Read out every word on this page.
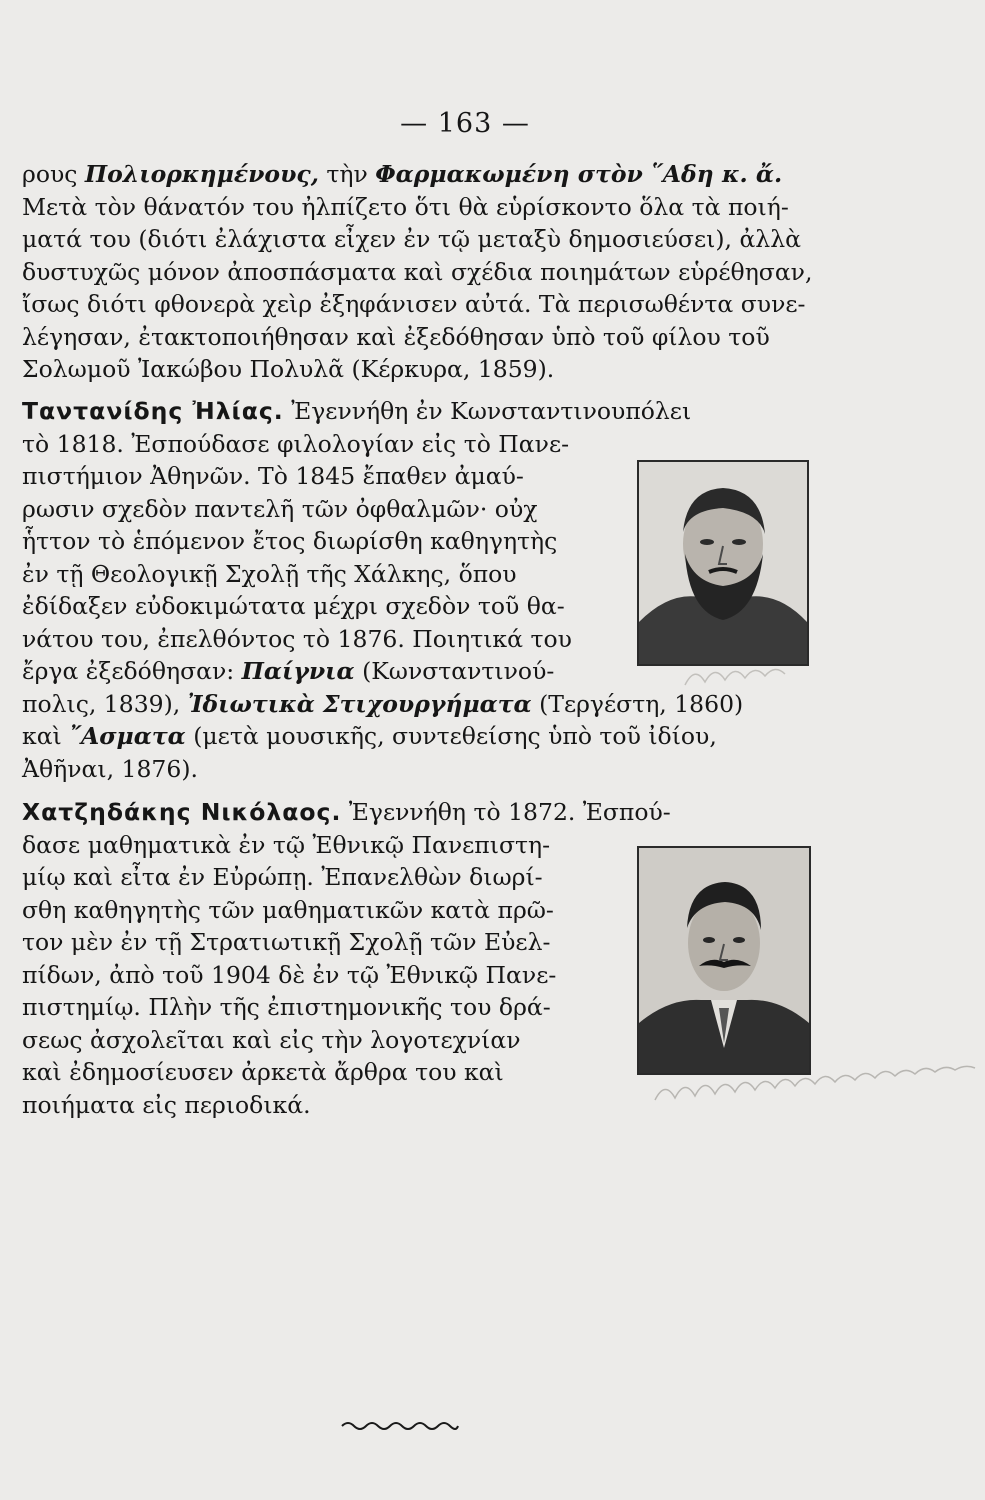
— 163 —
ρους Πολιορκημένους, τὴν Φαρμακωμένη στὸν ῞Αδη κ. ἄ.
Μετὰ τὸν θάνατόν του ἠλπίζετο ὅτι θὰ εὑρίσκοντο ὅλα τὰ ποιή-
ματά του (διότι ἐλάχιστα εἶχεν ἐν τῷ μεταξὺ δημοσιεύσει), ἀλλὰ
δυστυχῶς μόνον ἀποσπάσματα καὶ σχέδια ποιημάτων εὑρέθησαν,
ἴσως διότι φθονερὰ χεὶρ ἐξηφάνισεν αὐτά. Τὰ περισωθέντα συνε-
λέγησαν, ἐτακτοποιήθησαν καὶ ἐξεδόθησαν ὑπὸ τοῦ φίλου τοῦ
Σολωμοῦ Ἰακώβου Πολυλᾶ (Κέρκυρα, 1859).
Ταντανίδης Ἠλίας. Ἐγεννήθη ἐν Κωνσταντινουπόλει
τὸ 1818. Ἐσπούδασε φιλολογίαν εἰς τὸ Πανε-
πιστήμιον Ἀθηνῶν. Τὸ 1845 ἔπαθεν ἀμαύ-
ρωσιν σχεδὸν παντελῆ τῶν ὀφθαλμῶν· οὐχ
ἧττον τὸ ἑπόμενον ἔτος διωρίσθη καθηγητὴς
ἐν τῇ Θεολογικῇ Σχολῇ τῆς Χάλκης, ὅπου
ἐδίδαξεν εὐδοκιμώτατα μέχρι σχεδὸν τοῦ θα-
νάτου του, ἐπελθόντος τὸ 1876. Ποιητικά του
ἔργα ἐξεδόθησαν: Παίγνια (Κωνσταντινού-
πολις, 1839), Ἰδιωτικὰ Στιχουργήματα (Τεργέστη, 1860)
καὶ ῎Ασματα (μετὰ μουσικῆς, συντεθείσης ὑπὸ τοῦ ἰδίου,
Ἀθῆναι, 1876).
Χατζηδάκης Νικόλαος. Ἐγεννήθη τὸ 1872. Ἐσπού-
δασε μαθηματικὰ ἐν τῷ Ἐθνικῷ Πανεπιστη-
μίῳ καὶ εἶτα ἐν Εὐρώπῃ. Ἐπανελθὼν διωρί-
σθη καθηγητὴς τῶν μαθηματικῶν κατὰ πρῶ-
τον μὲν ἐν τῇ Στρατιωτικῇ Σχολῇ τῶν Εὐελ-
πίδων, ἀπὸ τοῦ 1904 δὲ ἐν τῷ Ἐθνικῷ Πανε-
πιστημίῳ. Πλὴν τῆς ἐπιστημονικῆς του δρά-
σεως ἀσχολεῖται καὶ εἰς τὴν λογοτεχνίαν
καὶ ἐδημοσίευσεν ἀρκετὰ ἄρθρα του καὶ
ποιήματα εἰς περιοδικά.
